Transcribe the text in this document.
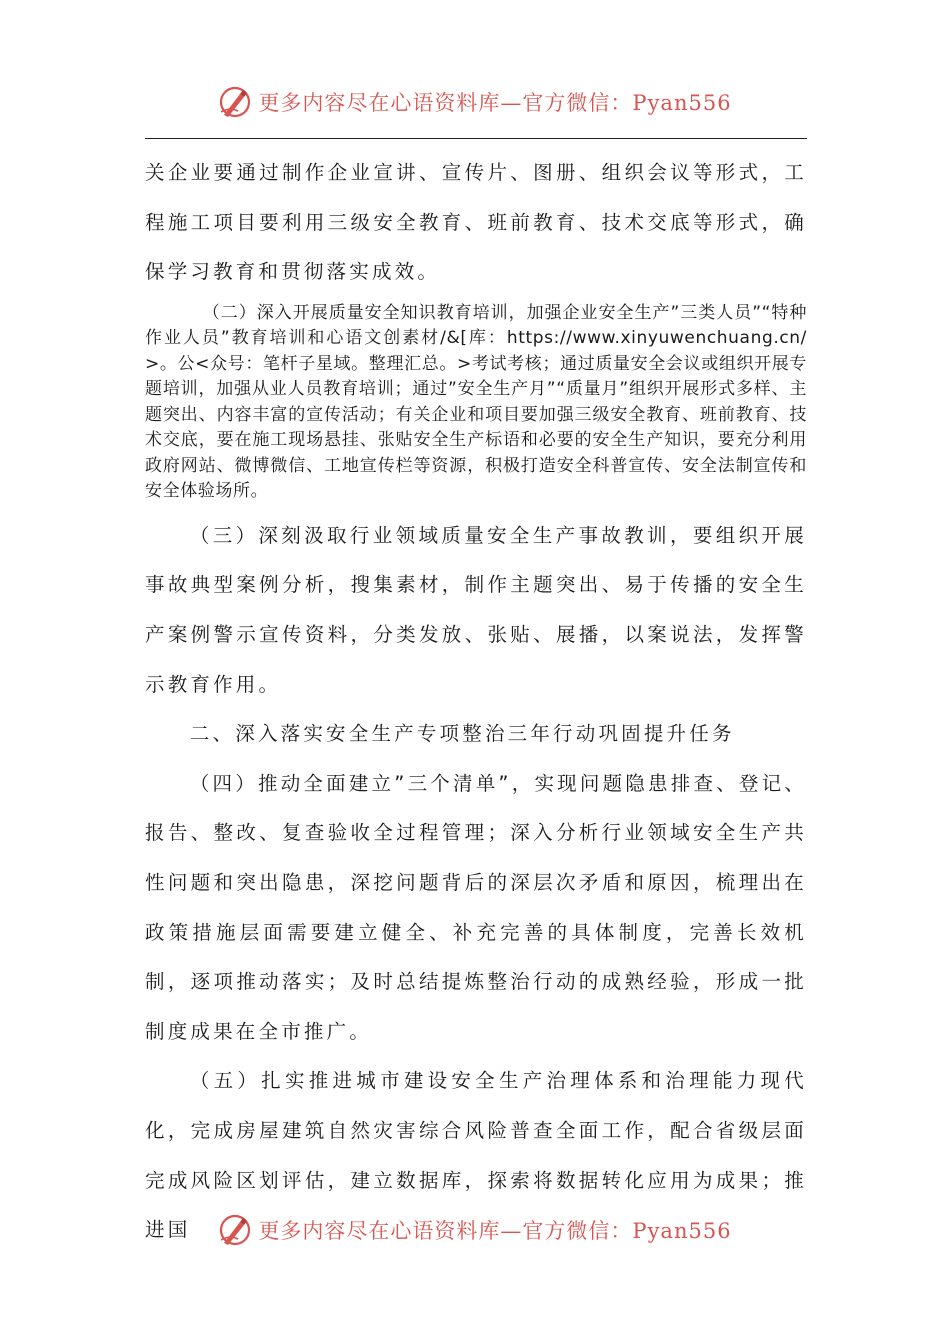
更多内容尽在心语资料库—官方微信：Pyan556

关企业要通过制作企业宣讲、宣传片、图册、组织会议等形式，工程施工项目要利用三级安全教育、班前教育、技术交底等形式，确保学习教育和贯彻落实成效。

（二）深入开展质量安全知识教育培训，加强企业安全生产”三类人员”“特种作业人员”教育培训和心语文创素材/&[库：https://www.xinyuwenchuang.cn/>。公<众号：笔杆子星域。整理汇总。>考试考核；通过质量安全会议或组织开展专题培训，加强从业人员教育培训；通过”安全生产月”“质量月”组织开展形式多样、主题突出、内容丰富的宣传活动；有关企业和项目要加强三级安全教育、班前教育、技术交底，要在施工现场悬挂、张贴安全生产标语和必要的安全生产知识，要充分利用政府网站、微博微信、工地宣传栏等资源，积极打造安全科普宣传、安全法制宣传和安全体验场所。

（三）深刻汲取行业领域质量安全生产事故教训，要组织开展事故典型案例分析，搜集素材，制作主题突出、易于传播的安全生产案例警示宣传资料，分类发放、张贴、展播，以案说法，发挥警示教育作用。

二、深入落实安全生产专项整治三年行动巩固提升任务

（四）推动全面建立”三个清单”，实现问题隐患排查、登记、报告、整改、复查验收全过程管理；深入分析行业领域安全生产共性问题和突出隐患，深挖问题背后的深层次矛盾和原因，梳理出在政策措施层面需要建立健全、补充完善的具体制度，完善长效机制，逐项推动落实；及时总结提炼整治行动的成熟经验，形成一批制度成果在全市推广。

（五）扎实推进城市建设安全生产治理体系和治理能力现代化，完成房屋建筑自然灾害综合风险普查全面工作，配合省级层面完成风险区划评估，建立数据库，探索将数据转化应用为成果；推进国	更多内容尽在心语资料库—官方微信：Pyan556
